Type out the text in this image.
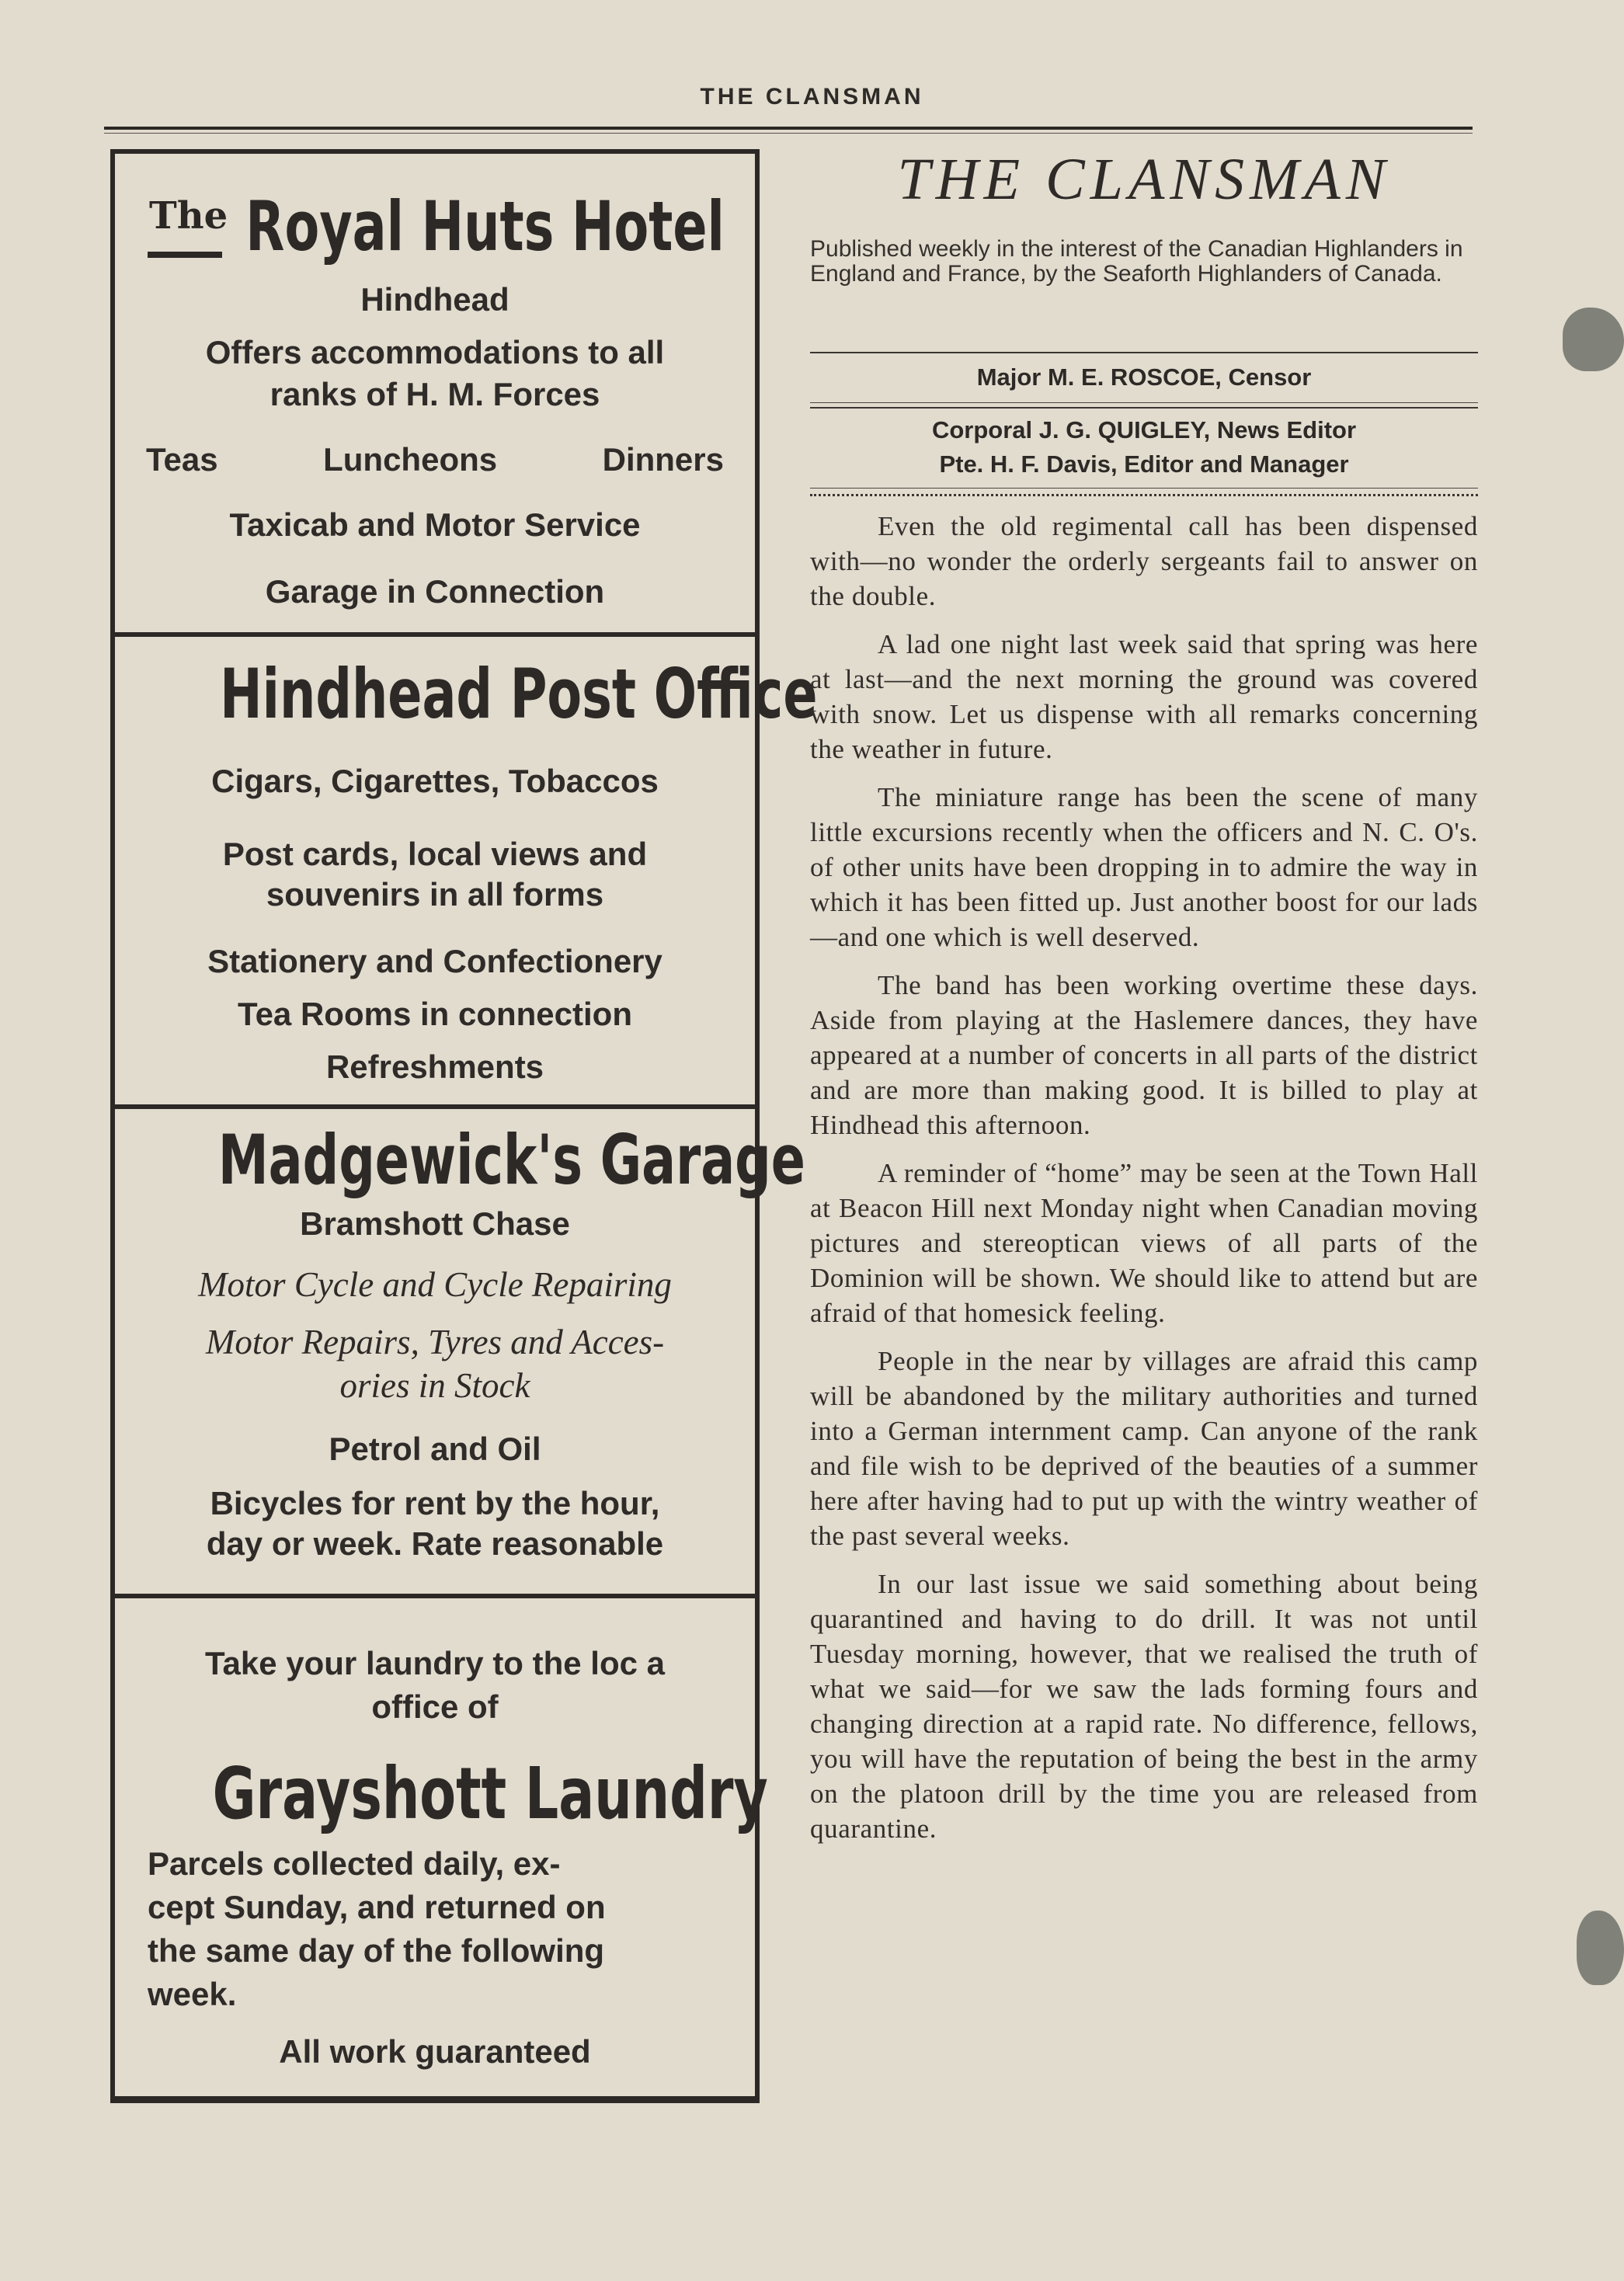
THE CLANSMAN
The Royal Huts Hotel
Hindhead
Offers accommodations to all
ranks of H. M. Forces
Teas	Luncheons	Dinners
Taxicab and Motor Service
Garage in Connection
Hindhead Post Office
Cigars, Cigarettes, Tobaccos
Post cards, local views and
souvenirs in all forms
Stationery and Confectionery
Tea Rooms in connection
Refreshments
Madgewick's Garage
Bramshott Chase
Motor Cycle and Cycle Repairing
Motor Repairs, Tyres and Acces-
ories in Stock
Petrol and Oil
Bicycles for rent by the hour,
day or week. Rate reasonable
Take your laundry to the loc a
office of
Grayshott Laundry
Parcels collected daily, ex-
cept Sunday, and returned on
the same day of the following
week.
All work guaranteed
THE CLANSMAN
Published weekly in the interest of the Canadian Highlanders in England and France, by the Seaforth Highlanders of Canada.
Major M. E. ROSCOE, Censor
Corporal J. G. QUIGLEY, News Editor
Pte. H. F. Davis, Editor and Manager

Even the old regimental call has been dispensed with—no wonder the orderly sergeants fail to answer on the double.

A lad one night last week said that spring was here at last—and the next morning the ground was covered with snow. Let us dispense with all remarks concerning the weather in future.

The miniature range has been the scene of many little excursions recently when the officers and N. C. O's. of other units have been dropping in to admire the way in which it has been fitted up. Just another boost for our lads—and one which is well deserved.

The band has been working overtime these days. Aside from playing at the Haslemere dances, they have appeared at a number of concerts in all parts of the district and are more than making good. It is billed to play at Hindhead this afternoon.

A reminder of “home” may be seen at the Town Hall at Beacon Hill next Monday night when Canadian moving pictures and stereoptican views of all parts of the Dominion will be shown. We should like to attend but are afraid of that homesick feeling.

People in the near by villages are afraid this camp will be abandoned by the military authorities and turned into a German internment camp. Can anyone of the rank and file wish to be deprived of the beauties of a summer here after having had to put up with the wintry weather of the past several weeks.

In our last issue we said something about being quarantined and having to do drill. It was not until Tuesday morning, however, that we realised the truth of what we said—for we saw the lads forming fours and changing direction at a rapid rate. No difference, fellows, you will have the reputation of being the best in the army on the platoon drill by the time you are released from quarantine.
